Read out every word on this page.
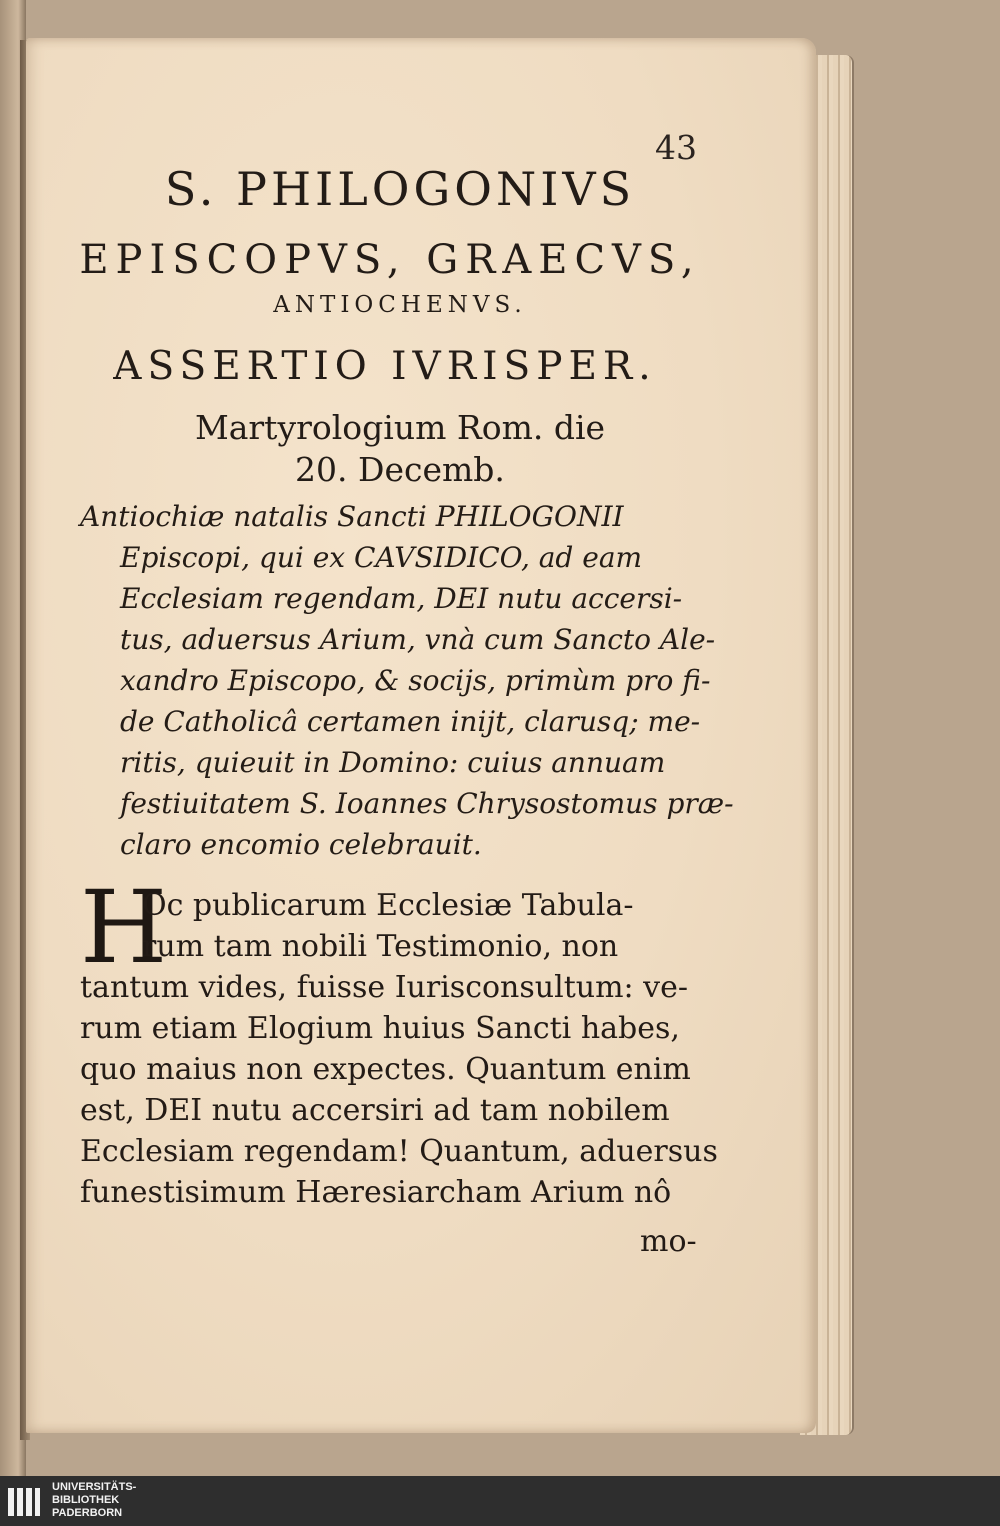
43
S. PHILOGONIVS
EPISCOPVS, GRAECVS,
ANTIOCHENVS.
ASSERTIO IVRISPER.
Martyrologium Rom. die
20. Decemb.
Antiochiæ natalis Sancti PHILOGONII
Episcopi, qui ex CAVSIDICO, ad eam
Ecclesiam regendam, DEI nutu accersi-
tus, aduersus Arium, vnà cum Sancto Ale-
xandro Episcopo, & socijs, primùm pro fi-
de Catholicâ certamen inijt, clarusq; me-
ritis, quieuit in Domino: cuius annuam
festiuitatem S. Ioannes Chrysostomus præ-
claro encomio celebrauit.
H
Oc publicarum Ecclesiæ Tabula-
rum tam nobili Testimonio, non
tantum vides, fuisse Iurisconsultum: ve-
rum etiam Elogium huius Sancti habes,
quo maius non expectes. Quantum enim
est, DEI nutu accersiri ad tam nobilem
Ecclesiam regendam! Quantum, aduersus
funestisimum Hæresiarcham Arium nô
mo-
UNIVERSITÄTS-
BIBLIOTHEK
PADERBORN
